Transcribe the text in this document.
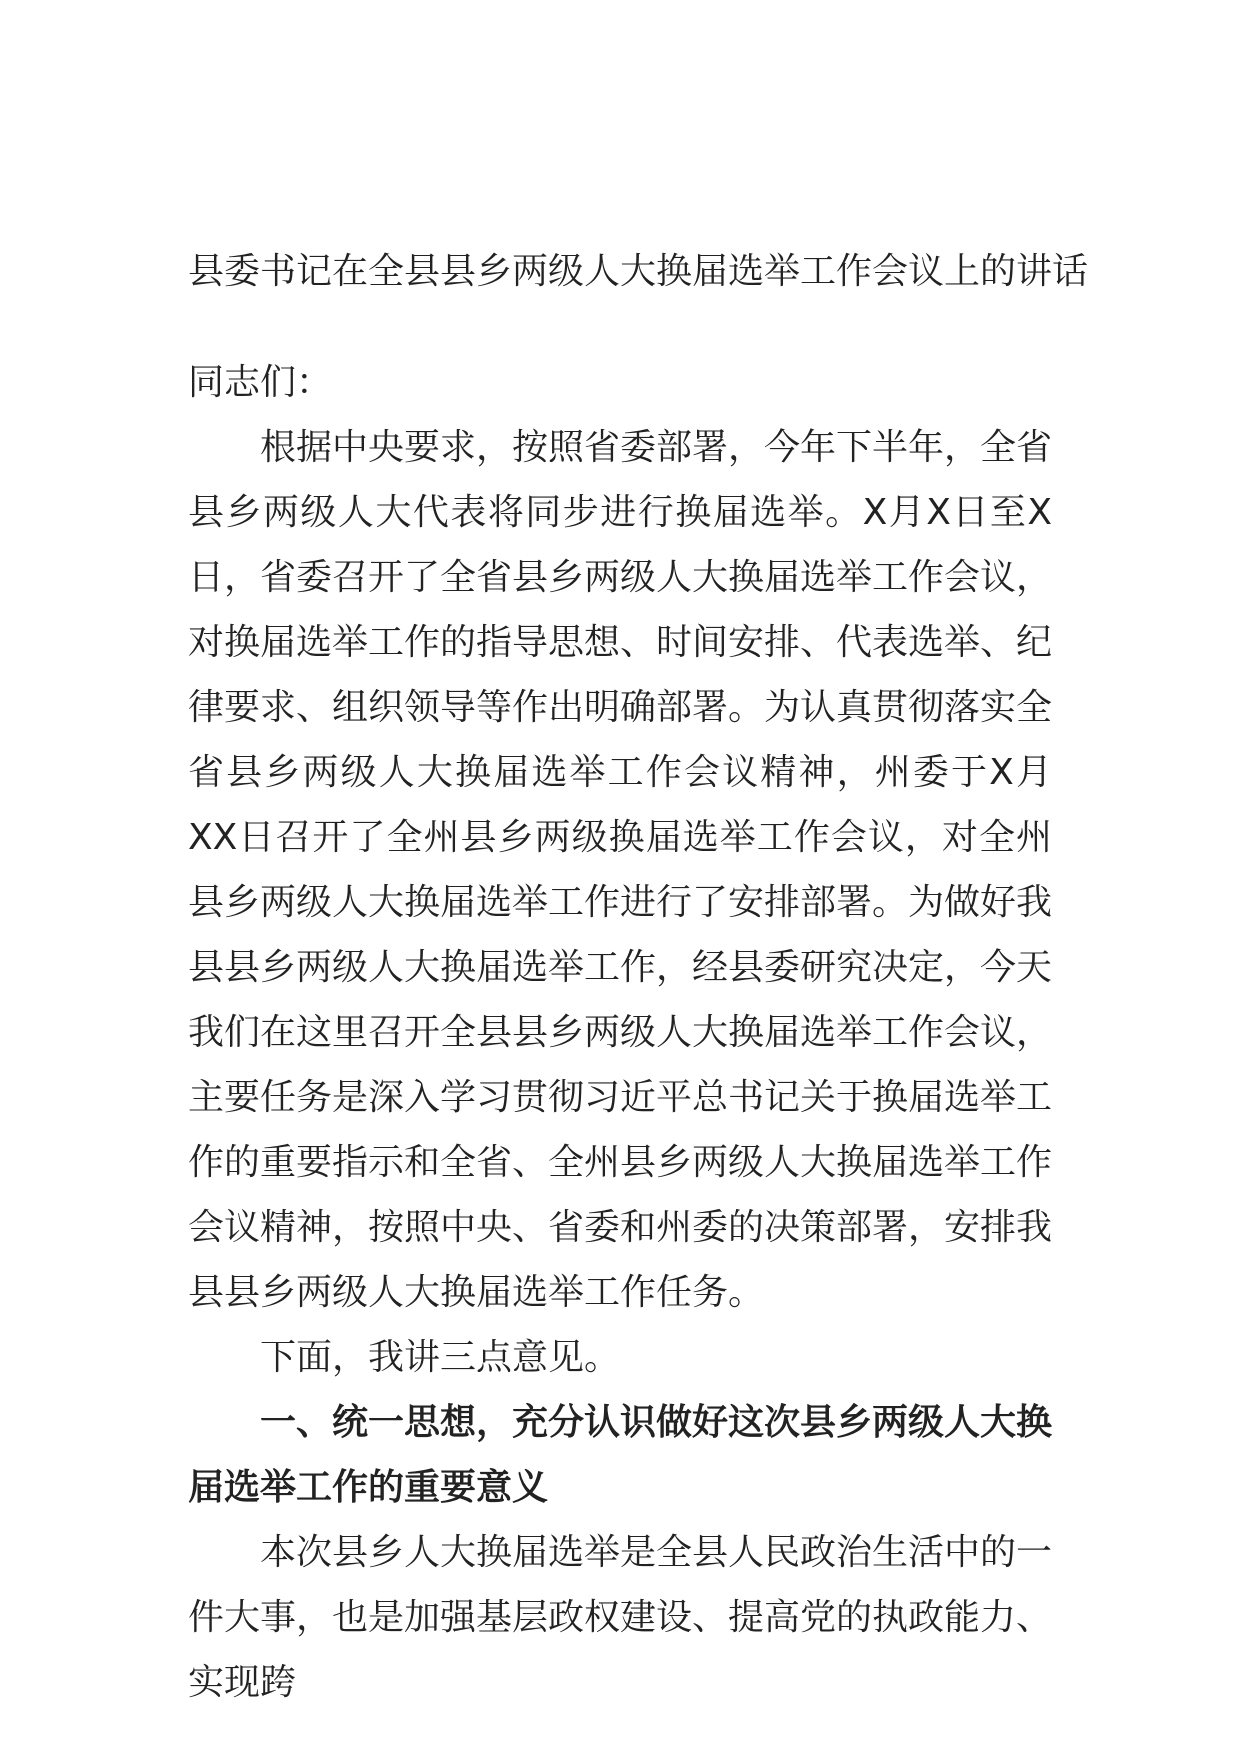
县委书记在全县县乡两级人大换届选举工作会议上的讲话

同志们：

根据中央要求，按照省委部署，今年下半年，全省县乡两级人大代表将同步进行换届选举。X月X日至X日，省委召开了全省县乡两级人大换届选举工作会议，对换届选举工作的指导思想、时间安排、代表选举、纪律要求、组织领导等作出明确部署。为认真贯彻落实全省县乡两级人大换届选举工作会议精神，州委于X月XX日召开了全州县乡两级换届选举工作会议，对全州县乡两级人大换届选举工作进行了安排部署。为做好我县县乡两级人大换届选举工作，经县委研究决定，今天我们在这里召开全县县乡两级人大换届选举工作会议，主要任务是深入学习贯彻习近平总书记关于换届选举工作的重要指示和全省、全州县乡两级人大换届选举工作会议精神，按照中央、省委和州委的决策部署，安排我县县乡两级人大换届选举工作任务。

下面，我讲三点意见。

一、统一思想，充分认识做好这次县乡两级人大换届选举工作的重要意义

本次县乡人大换届选举是全县人民政治生活中的一件大事，也是加强基层政权建设、提高党的执政能力、实现跨
